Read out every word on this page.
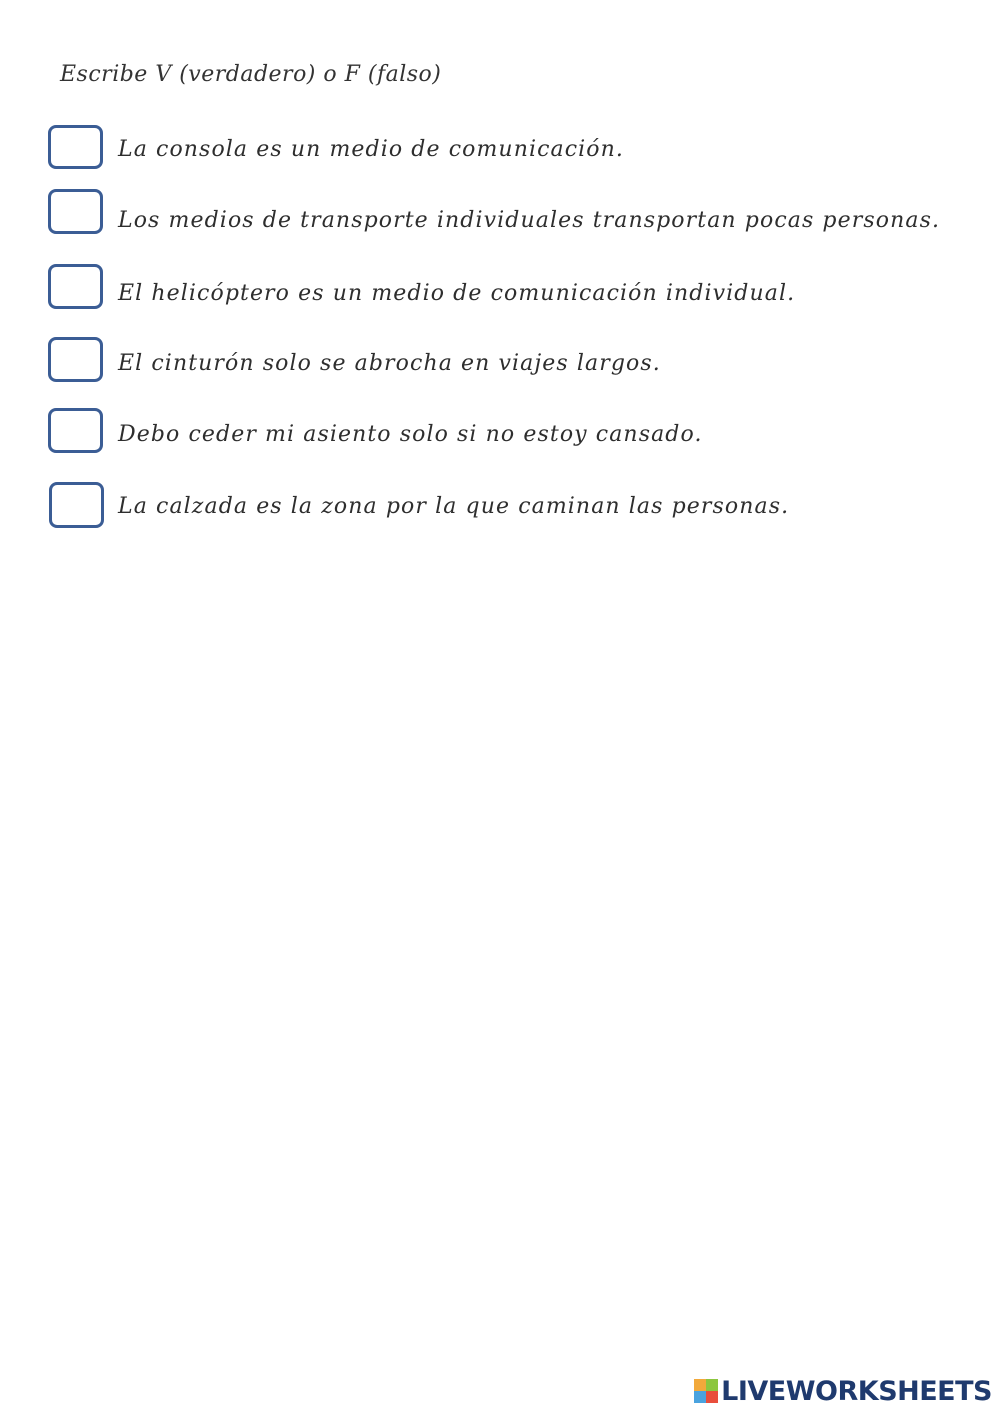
Escribe V (verdadero) o F (falso)
La consola es un medio de comunicación.
Los medios de transporte individuales transportan pocas personas.
El helicóptero es un medio de comunicación individual.
El cinturón solo se abrocha en viajes largos.
Debo ceder mi asiento solo si no estoy cansado.
La calzada es la zona por la que caminan las personas.
LIVEWORKSHEETS
